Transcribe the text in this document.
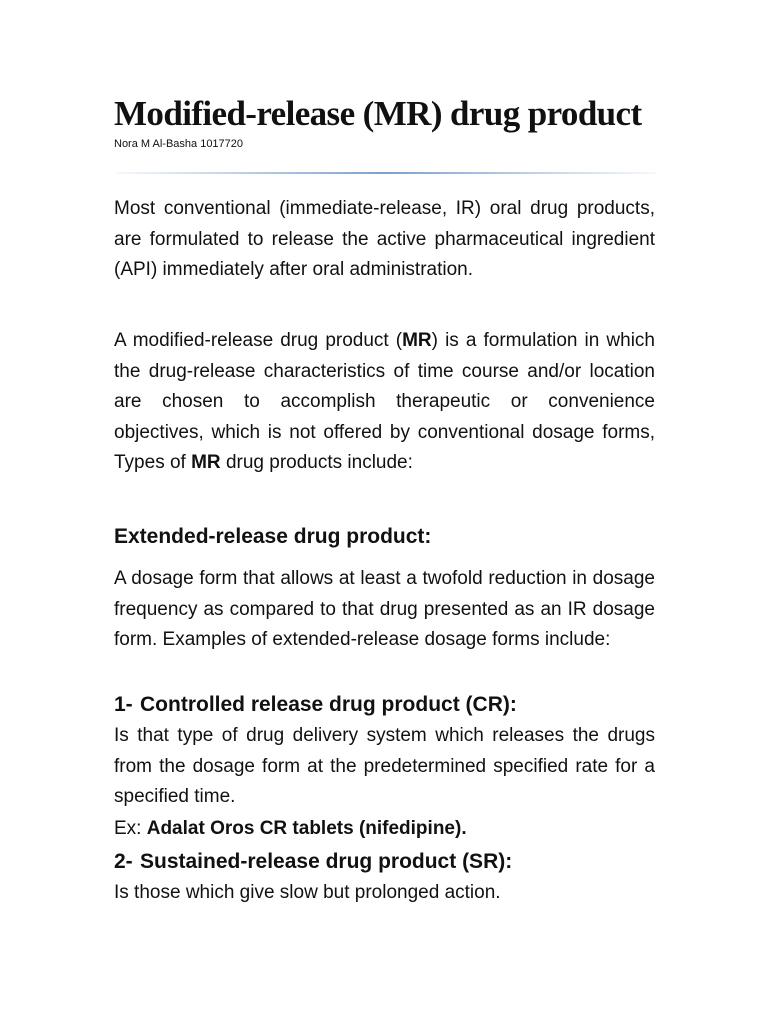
Modified-release (MR) drug product
Nora M Al-Basha 1017720

Most conventional (immediate-release, IR) oral drug products, are formulated to release the active pharmaceutical ingredient (API) immediately after oral administration.

A modified-release drug product (MR) is a formulation in which the drug-release characteristics of time course and/or location are chosen to accomplish therapeutic or convenience objectives, which is not offered by conventional dosage forms, Types of MR drug products include:

Extended-release drug product:

A dosage form that allows at least a twofold reduction in dosage frequency as compared to that drug presented as an IR dosage form. Examples of extended-release dosage forms include:

1- Controlled release drug product (CR):

Is that type of drug delivery system which releases the drugs from the dosage form at the predetermined specified rate for a specified time.

Ex: Adalat Oros CR tablets (nifedipine).

2- Sustained-release drug product (SR):

Is those which give slow but prolonged action.
